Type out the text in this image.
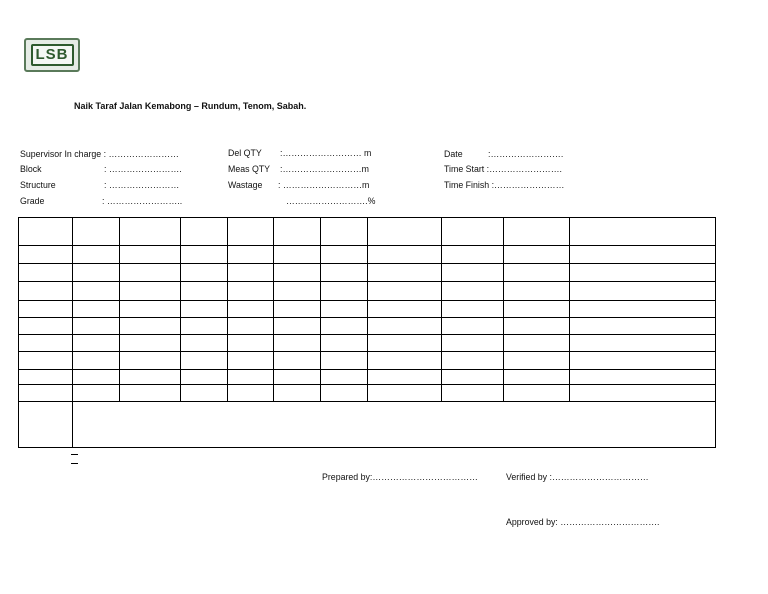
LSB
Naik Taraf Jalan Kemabong – Rundum, Tenom, Sabah.
Supervisor In charge : ……………………
Block	: …………………….
Structure	: ……………………
Grade	: ……………………..
Del QTY :……………………… m
Meas QTY :………………………m
Wastage : ………………………m
……………………….%
Date	:…………………….
Time Start :…………………….
Time Finish :……………………
Prepared by:………………………………	Verified by :……………………………
Approved by: …………………………….
